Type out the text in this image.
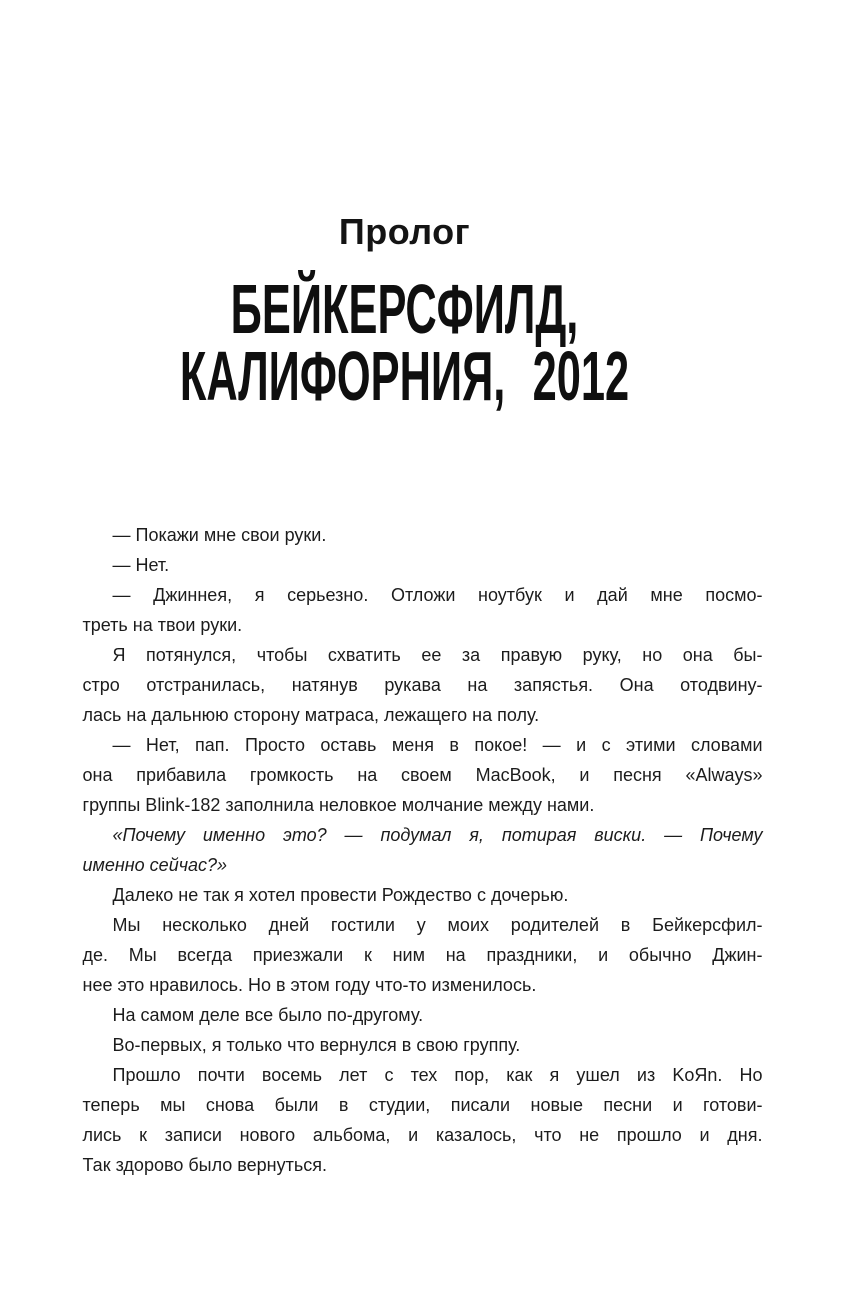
Пролог
БЕЙКЕРСФИЛД,
КАЛИФОРНИЯ, 2012
— Покажи мне свои руки.
— Нет.
— Джиннея, я серьезно. Отложи ноутбук и дай мне посмо-
треть на твои руки.
Я потянулся, чтобы схватить ее за правую руку, но она бы-
стро отстранилась, натянув рукава на запястья. Она отодвину-
лась на дальнюю сторону матраса, лежащего на полу.
— Нет, пап. Просто оставь меня в покое! — и с этими словами
она прибавила громкость на своем MacBook, и песня «Always»
группы Blink-182 заполнила неловкое молчание между нами.
«Почему именно это? — подумал я, потирая виски. — Почему
именно сейчас?»
Далеко не так я хотел провести Рождество с дочерью.
Мы несколько дней гостили у моих родителей в Бейкерсфил-
де. Мы всегда приезжали к ним на праздники, и обычно Джин-
нее это нравилось. Но в этом году что-то изменилось.
На самом деле все было по-другому.
Во-первых, я только что вернулся в свою группу.
Прошло почти восемь лет с тех пор, как я ушел из KoЯn. Но
теперь мы снова были в студии, писали новые песни и готови-
лись к записи нового альбома, и казалось, что не прошло и дня.
Так здорово было вернуться.
